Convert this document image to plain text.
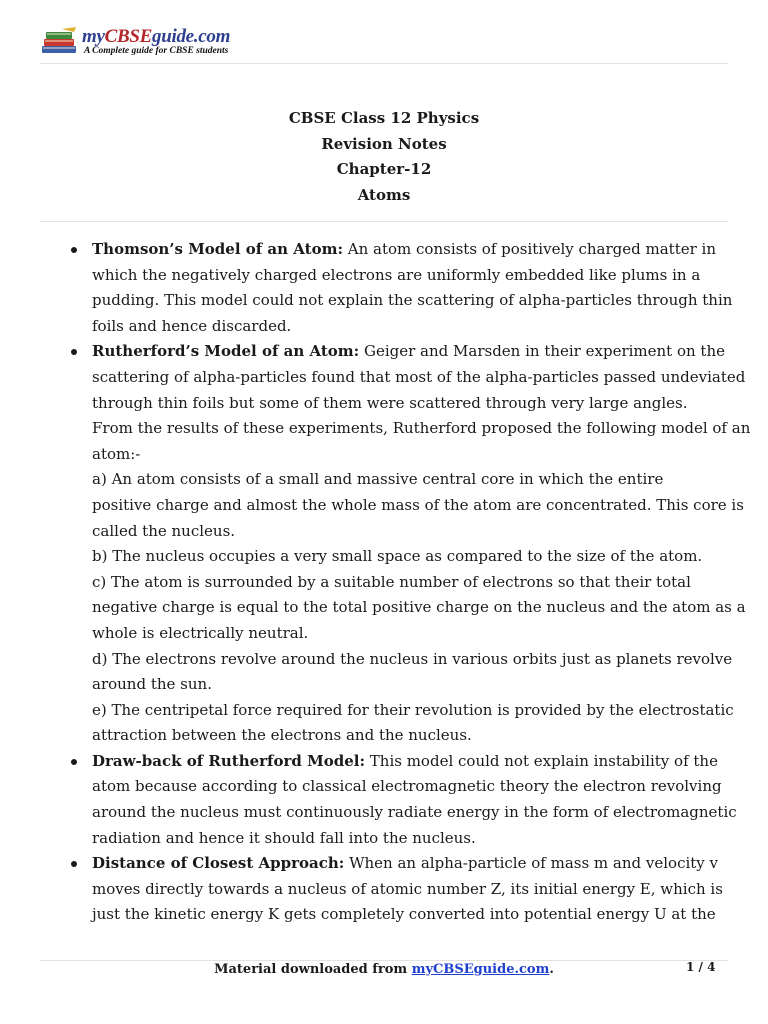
myCBSEguide.com
A Complete guide for CBSE students
CBSE Class 12 Physics
Revision Notes
Chapter-12
Atoms
Thomson’s Model of an Atom: An atom consists of positively charged matter in
which the negatively charged electrons are uniformly embedded like plums in a
pudding. This model could not explain the scattering of alpha-particles through thin
foils and hence discarded.
Rutherford’s Model of an Atom: Geiger and Marsden in their experiment on the
scattering of alpha-particles found that most of the alpha-particles passed undeviated
through thin foils but some of them were scattered through very large angles.
From the results of these experiments, Rutherford proposed the following model of an
atom:-
a) An atom consists of a small and massive central core in which the entire
positive charge and almost the whole mass of the atom are concentrated. This core is
called the nucleus.
b) The nucleus occupies a very small space as compared to the size of the atom.
c) The atom is surrounded by a suitable number of electrons so that their total
negative charge is equal to the total positive charge on the nucleus and the atom as a
whole is electrically neutral.
d) The electrons revolve around the nucleus in various orbits just as planets revolve
around the sun.
e) The centripetal force required for their revolution is provided by the electrostatic
attraction between the electrons and the nucleus.
Draw-back of Rutherford Model: This model could not explain instability of the
atom because according to classical electromagnetic theory the electron revolving
around the nucleus must continuously radiate energy in the form of electromagnetic
radiation and hence it should fall into the nucleus.
Distance of Closest Approach: When an alpha-particle of mass m and velocity v
moves directly towards a nucleus of atomic number Z, its initial energy E, which is
just the kinetic energy K gets completely converted into potential energy U at the
Material downloaded from myCBSEguide.com.	1 / 4
